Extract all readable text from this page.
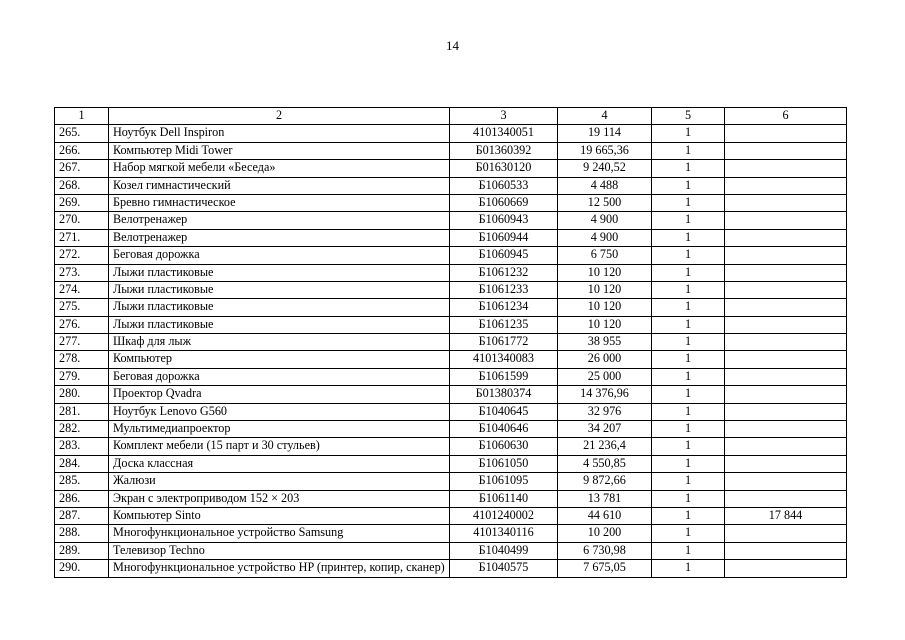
14
1	2	3	4	5	6
265.	Ноутбук Dell Inspiron	4101340051	19 114	1	
266.	Компьютер Midi Tower	Б01360392	19 665,36	1	
267.	Набор мягкой мебели «Беседа»	Б01630120	9 240,52	1	
268.	Козел гимнастический	Б1060533	4 488	1	
269.	Бревно гимнастическое	Б1060669	12 500	1	
270.	Велотренажер	Б1060943	4 900	1	
271.	Велотренажер	Б1060944	4 900	1	
272.	Беговая дорожка	Б1060945	6 750	1	
273.	Лыжи пластиковые	Б1061232	10 120	1	
274.	Лыжи пластиковые	Б1061233	10 120	1	
275.	Лыжи пластиковые	Б1061234	10 120	1	
276.	Лыжи пластиковые	Б1061235	10 120	1	
277.	Шкаф для лыж	Б1061772	38 955	1	
278.	Компьютер	4101340083	26 000	1	
279.	Беговая дорожка	Б1061599	25 000	1	
280.	Проектор Qvadra	Б01380374	14 376,96	1	
281.	Ноутбук Lenovo G560	Б1040645	32 976	1	
282.	Мультимедиапроектор	Б1040646	34 207	1	
283.	Комплект мебели (15 парт и 30 стульев)	Б1060630	21 236,4	1	
284.	Доска классная	Б1061050	4 550,85	1	
285.	Жалюзи	Б1061095	9 872,66	1	
286.	Экран с электроприводом 152 × 203	Б1061140	13 781	1	
287.	Компьютер Sinto	4101240002	44 610	1	17 844
288.	Многофункциональное устройство Samsung	4101340116	10 200	1	
289.	Телевизор Techno	Б1040499	6 730,98	1	
290.	Многофункциональное устройство HP (принтер, копир, сканер)	Б1040575	7 675,05	1	
